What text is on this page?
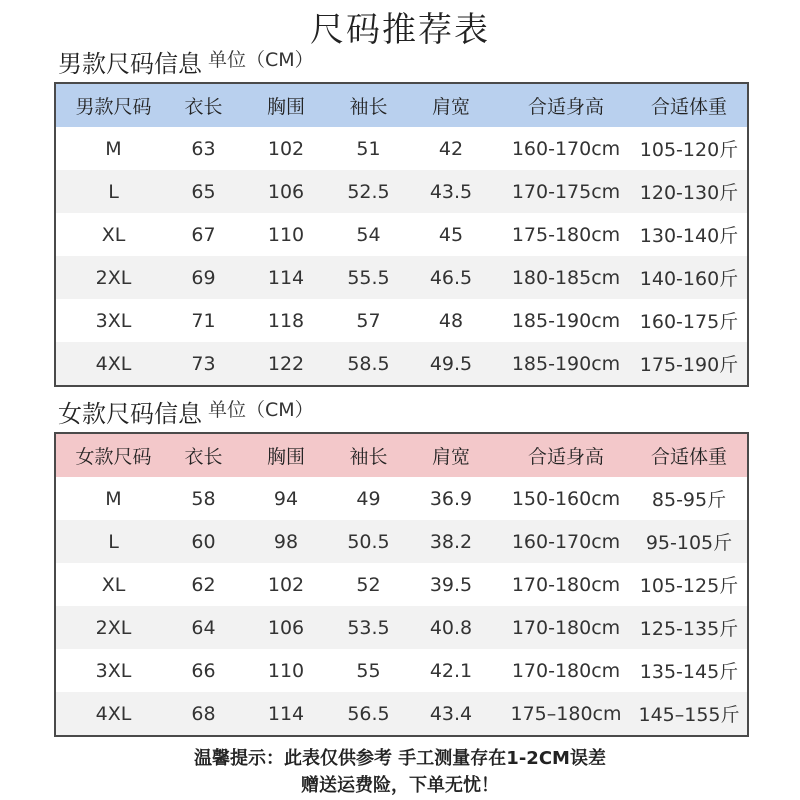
尺码推荐表
男款尺码信息 单位（CM）
男款尺码	衣长	胸围	袖长	肩宽	合适身高	合适体重
M	63	102	51	42	160-170cm	105-120斤
L	65	106	52.5	43.5	170-175cm	120-130斤
XL	67	110	54	45	175-180cm	130-140斤
2XL	69	114	55.5	46.5	180-185cm	140-160斤
3XL	71	118	57	48	185-190cm	160-175斤
4XL	73	122	58.5	49.5	185-190cm	175-190斤
女款尺码信息 单位（CM）
女款尺码	衣长	胸围	袖长	肩宽	合适身高	合适体重
M	58	94	49	36.9	150-160cm	85-95斤
L	60	98	50.5	38.2	160-170cm	95-105斤
XL	62	102	52	39.5	170-180cm	105-125斤
2XL	64	106	53.5	40.8	170-180cm	125-135斤
3XL	66	110	55	42.1	170-180cm	135-145斤
4XL	68	114	56.5	43.4	175–180cm 145–155斤
温馨提示：此表仅供参考 手工测量存在1-2CM误差
赠送运费险，下单无忧！
